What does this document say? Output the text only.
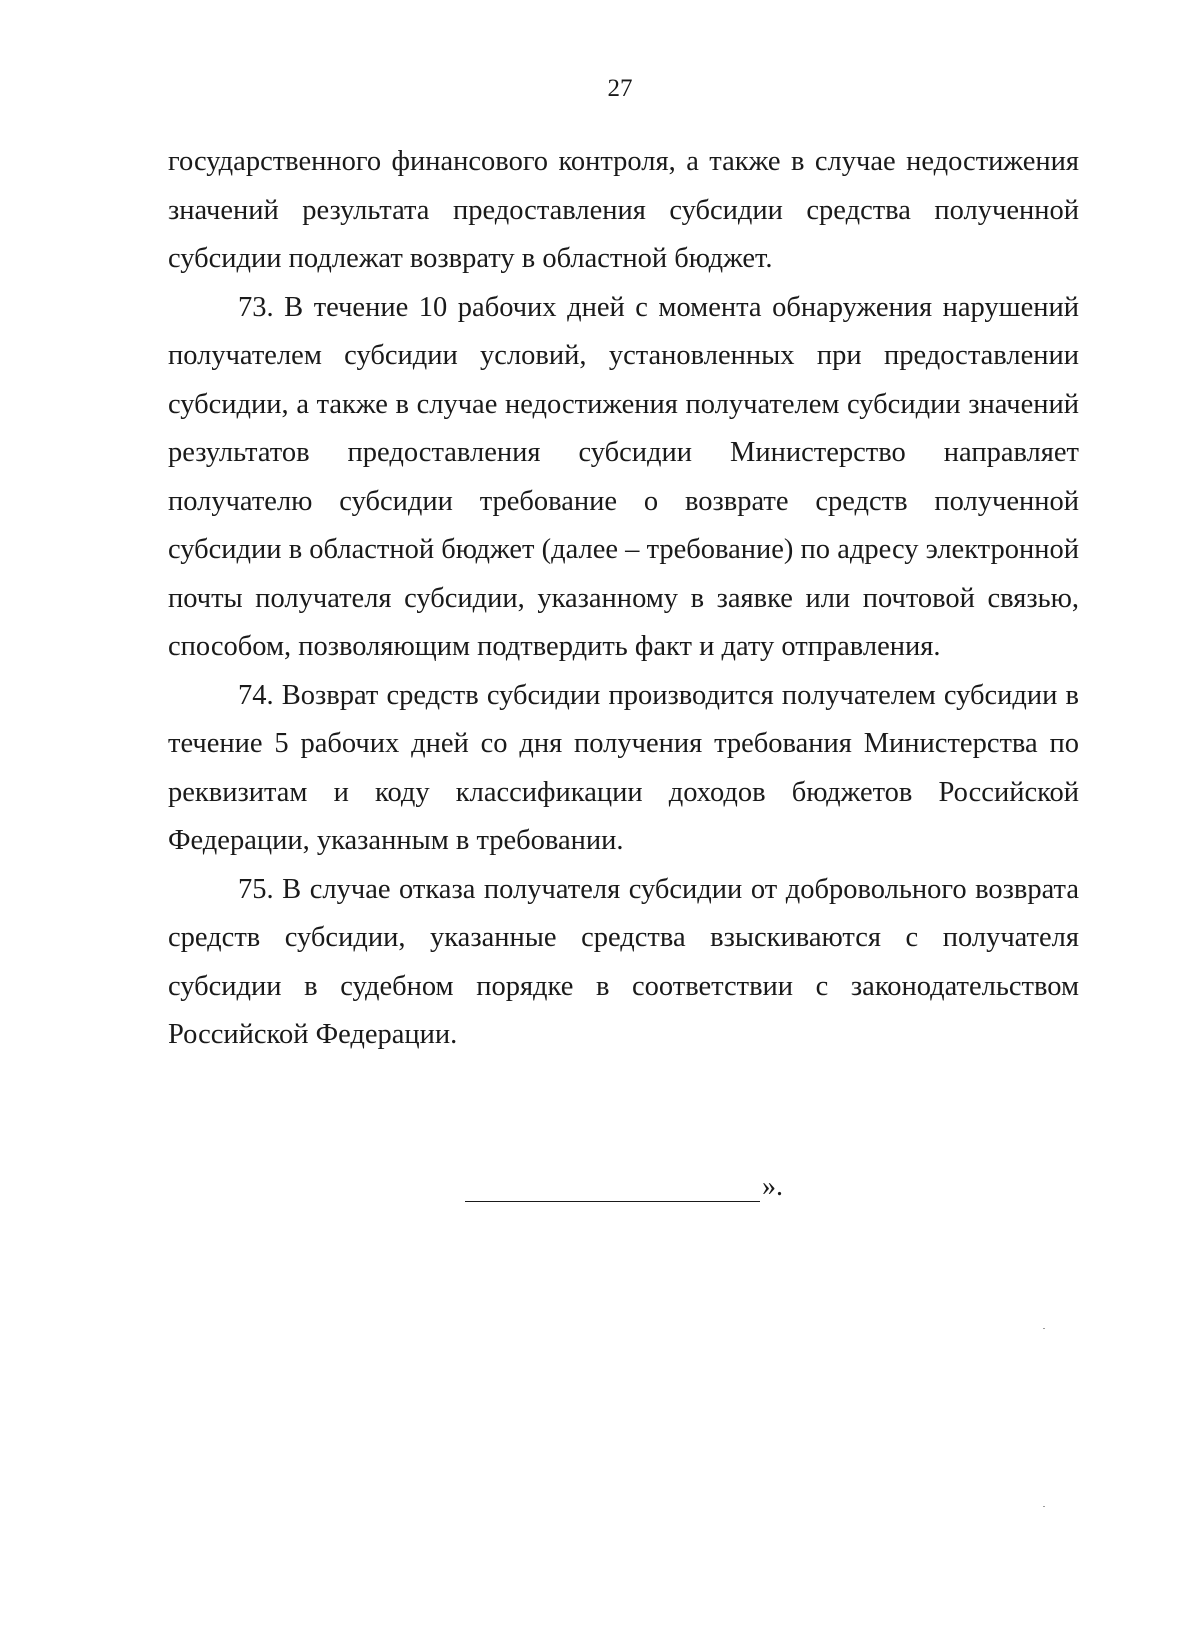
27

государственного финансового контроля, а также в случае недостижения значений результата предоставления субсидии средства полученной субсидии подлежат возврату в областной бюджет.

73. В течение 10 рабочих дней с момента обнаружения нарушений получателем субсидии условий, установленных при предоставлении субсидии, а также в случае недостижения получателем субсидии значений результатов предоставления субсидии Министерство направляет получателю субсидии требование о возврате средств полученной субсидии в областной бюджет (далее – требование) по адресу электронной почты получателя субсидии, указанному в заявке или почтовой связью, способом, позволяющим подтвердить факт и дату отправления.

74. Возврат средств субсидии производится получателем субсидии в течение 5 рабочих дней со дня получения требования Министерства по реквизитам и коду классификации доходов бюджетов Российской Федерации, указанным в требовании.

75. В случае отказа получателя субсидии от добровольного возврата средств субсидии, указанные средства взыскиваются с получателя субсидии в судебном порядке в соответствии с законодательством Российской Федерации.

».
